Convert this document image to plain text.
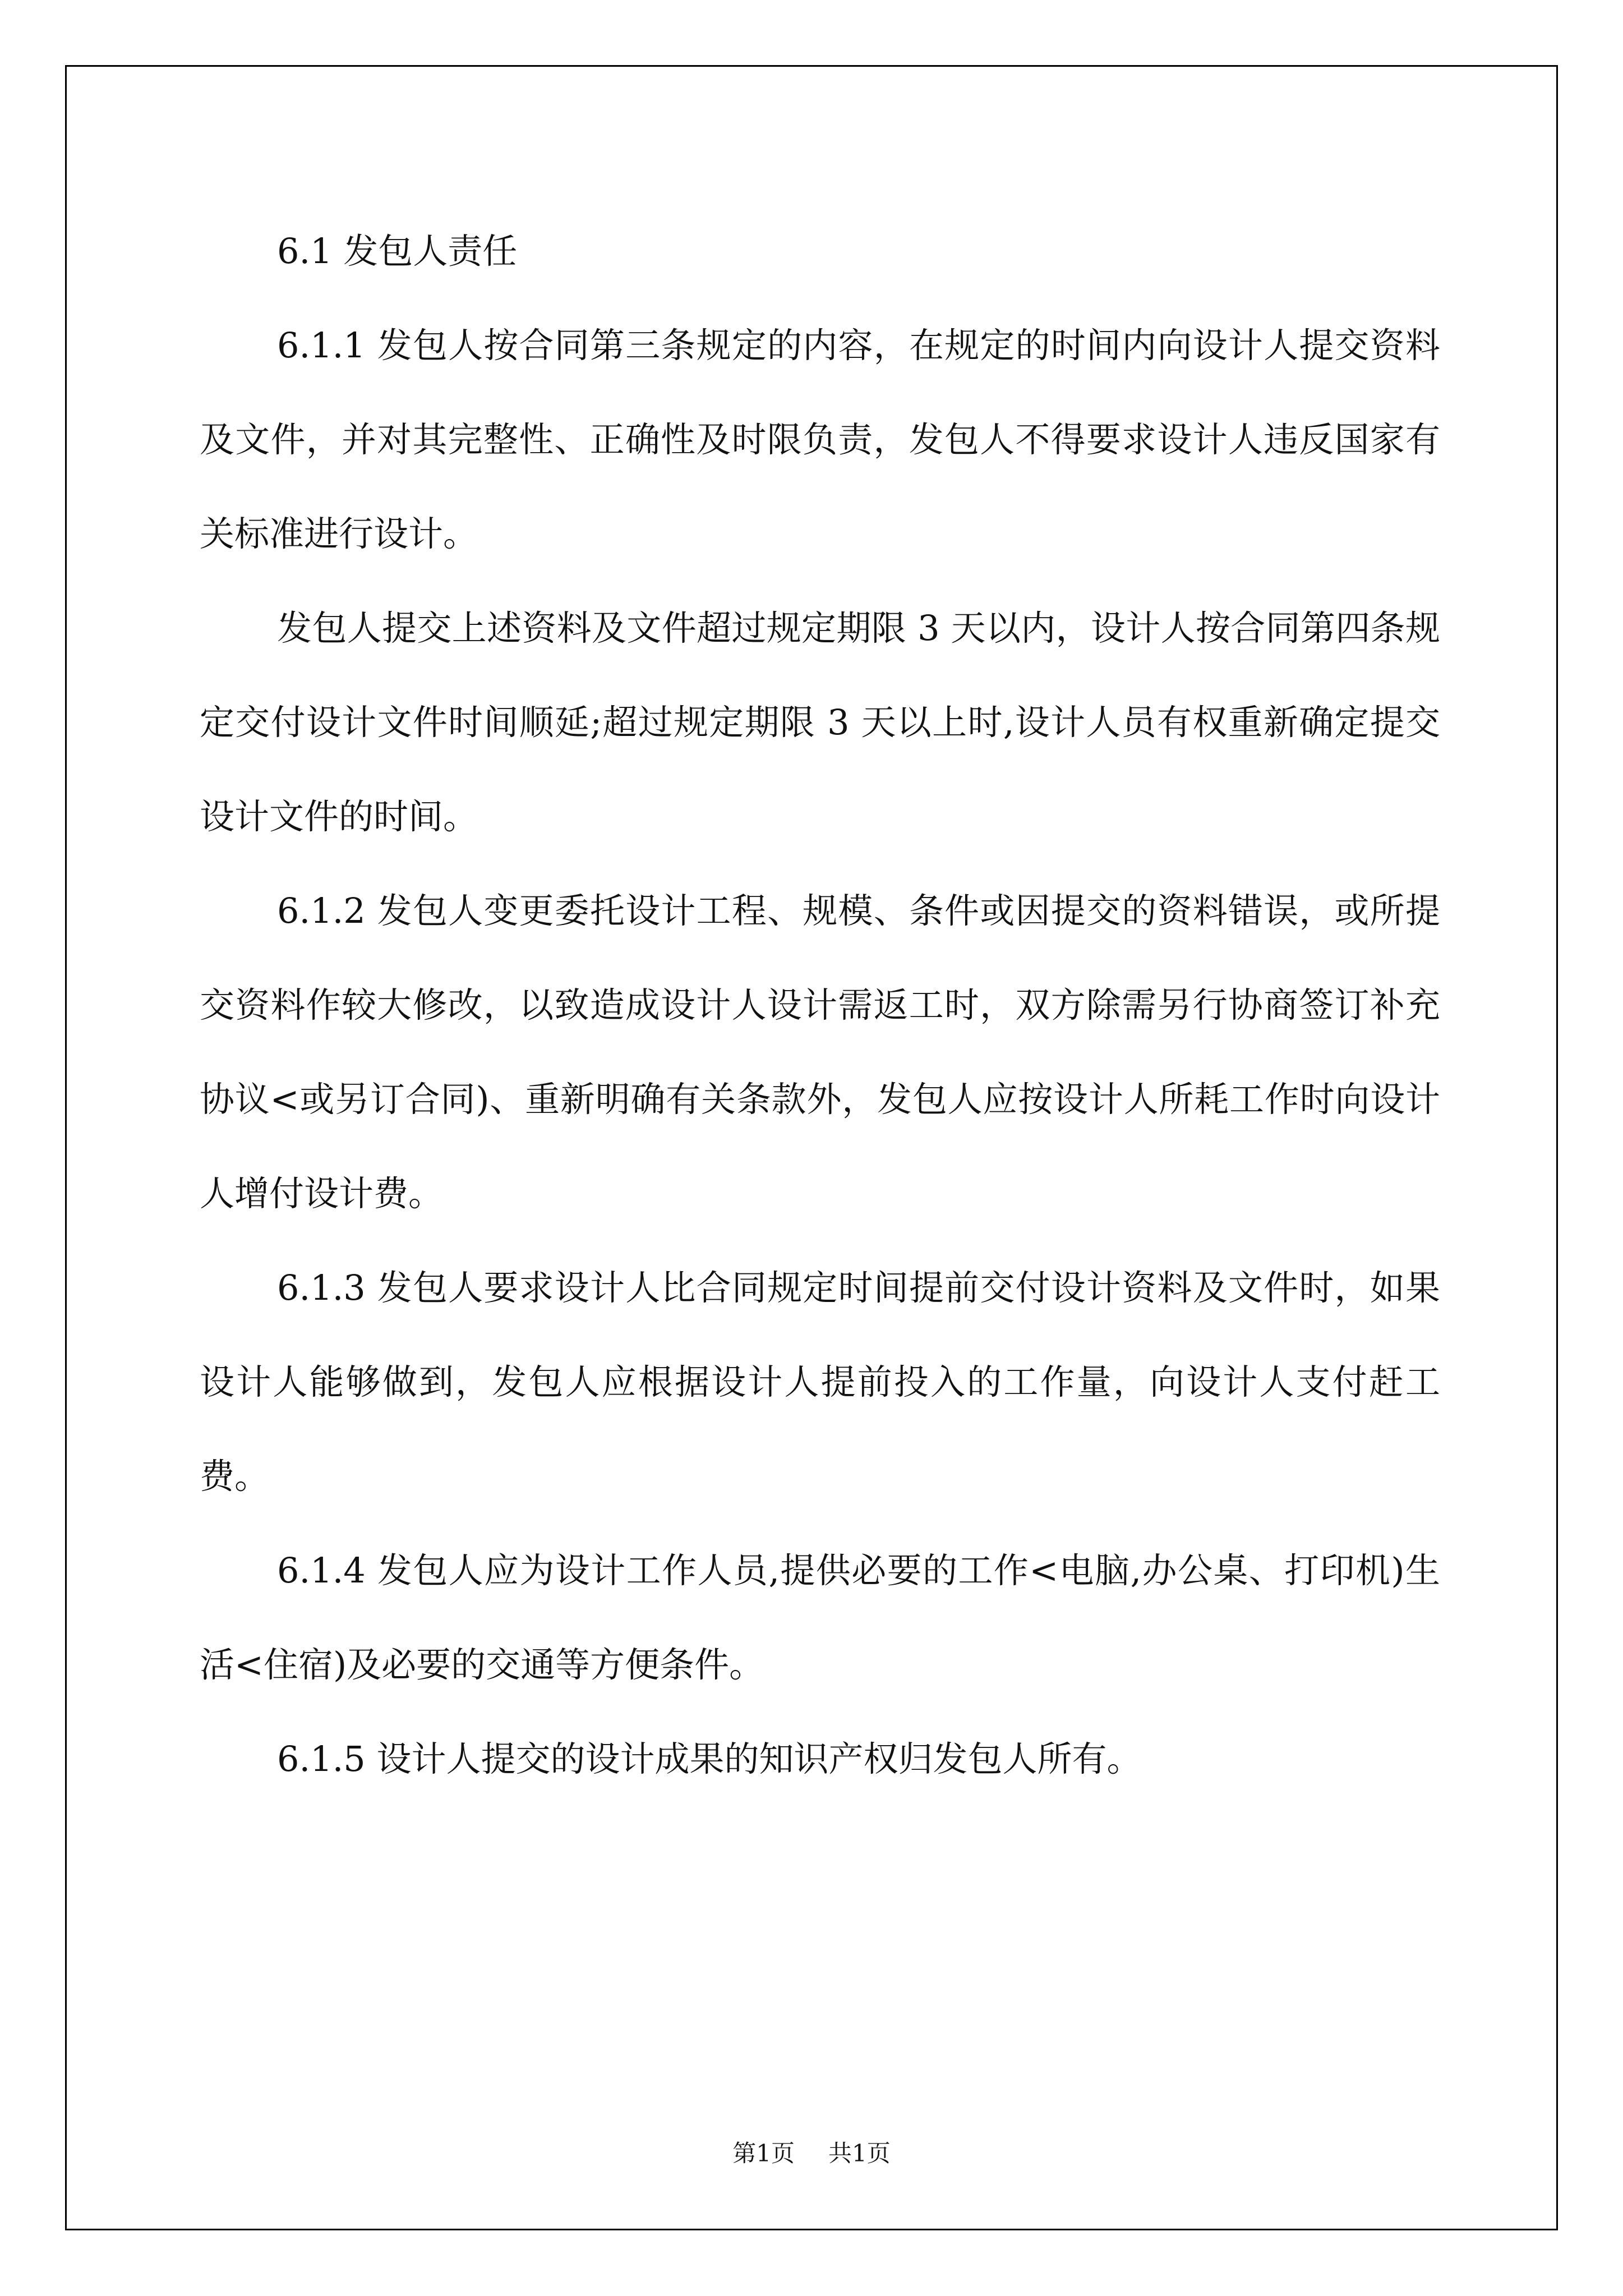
6.1 发包人责任

6.1.1 发包人按合同第三条规定的内容，在规定的时间内向设计人提交资料及文件，并对其完整性、正确性及时限负责，发包人不得要求设计人违反国家有关标准进行设计。

发包人提交上述资料及文件超过规定期限 3 天以内，设计人按合同第四条规定交付设计文件时间顺延;超过规定期限 3 天以上时,设计人员有权重新确定提交设计文件的时间。

6.1.2 发包人变更委托设计工程、规模、条件或因提交的资料错误，或所提交资料作较大修改，以致造成设计人设计需返工时，双方除需另行协商签订补充协议<或另订合同)、重新明确有关条款外，发包人应按设计人所耗工作时向设计人增付设计费。

6.1.3 发包人要求设计人比合同规定时间提前交付设计资料及文件时，如果设计人能够做到，发包人应根据设计人提前投入的工作量，向设计人支付赶工费。

6.1.4 发包人应为设计工作人员,提供必要的工作<电脑,办公桌、打印机)生活<住宿)及必要的交通等方便条件。

6.1.5 设计人提交的设计成果的知识产权归发包人所有。

第1页 共1页
